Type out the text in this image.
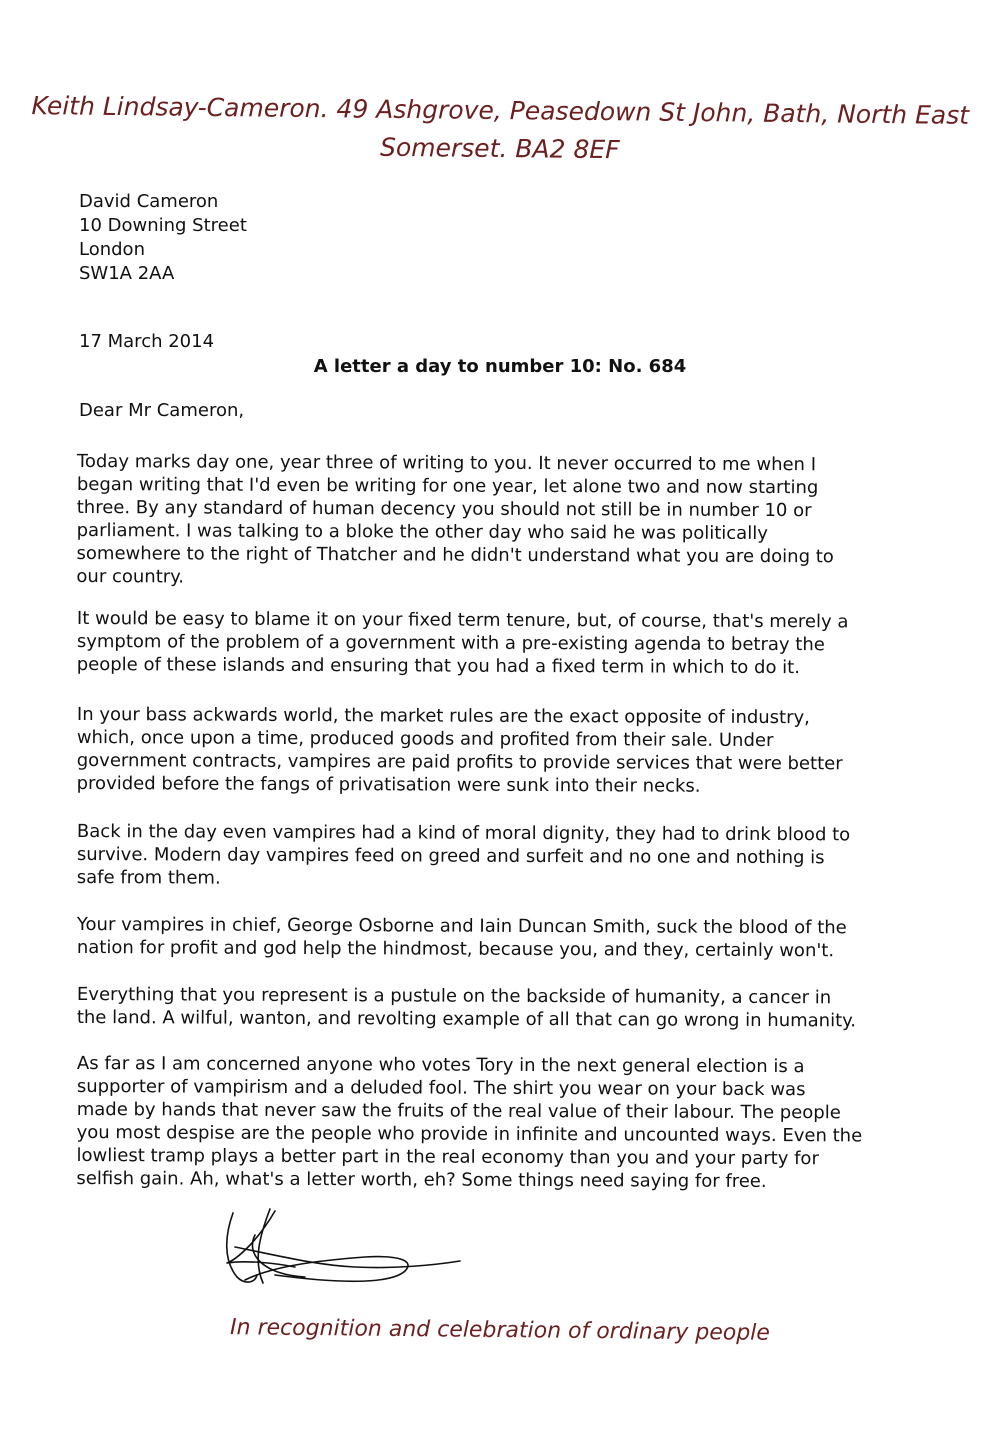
Keith Lindsay-Cameron. 49 Ashgrove, Peasedown St John, Bath, North East
Somerset. BA2 8EF
David Cameron
10 Downing Street
London
SW1A 2AA
17 March 2014
A letter a day to number 10: No. 684
Dear Mr Cameron,
Today marks day one, year three of writing to you. It never occurred to me when I
began writing that I'd even be writing for one year, let alone two and now starting
three. By any standard of human decency you should not still be in number 10 or
parliament. I was talking to a bloke the other day who said he was politically
somewhere to the right of Thatcher and he didn't understand what you are doing to
our country.
It would be easy to blame it on your fixed term tenure, but, of course, that's merely a
symptom of the problem of a government with a pre-existing agenda to betray the
people of these islands and ensuring that you had a fixed term in which to do it.
In your bass ackwards world, the market rules are the exact opposite of industry,
which, once upon a time, produced goods and profited from their sale. Under
government contracts, vampires are paid profits to provide services that were better
provided before the fangs of privatisation were sunk into their necks.
Back in the day even vampires had a kind of moral dignity, they had to drink blood to
survive. Modern day vampires feed on greed and surfeit and no one and nothing is
safe from them.
Your vampires in chief, George Osborne and Iain Duncan Smith, suck the blood of the
nation for profit and god help the hindmost, because you, and they, certainly won't.
Everything that you represent is a pustule on the backside of humanity, a cancer in
the land. A wilful, wanton, and revolting example of all that can go wrong in humanity.
As far as I am concerned anyone who votes Tory in the next general election is a
supporter of vampirism and a deluded fool. The shirt you wear on your back was
made by hands that never saw the fruits of the real value of their labour. The people
you most despise are the people who provide in infinite and uncounted ways. Even the
lowliest tramp plays a better part in the real economy than you and your party for
selfish gain. Ah, what's a letter worth, eh? Some things need saying for free.
In recognition and celebration of ordinary people
